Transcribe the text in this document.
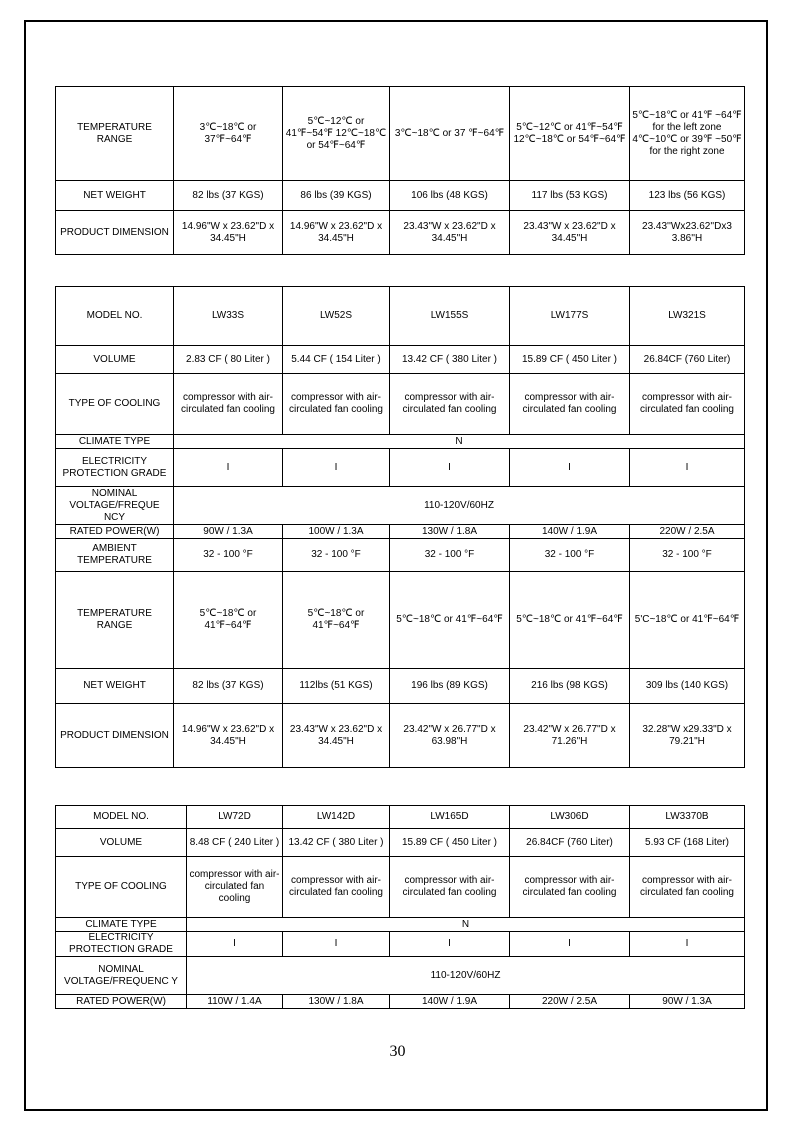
TEMPERATURE RANGE	3℃~18℃ or 37℉~64℉	5℃~12℃ or 41℉~54℉ 12℃~18℃ or 54℉~64℉	3℃~18℃ or 37 ℉~64℉	5℃~12℃ or 41℉~54℉ 12℃~18℃ or 54℉~64℉	5℃~18℃ or 41℉ ~64℉ for the left zone 4℃~10℃ or 39℉ ~50℉ for the right zone
NET WEIGHT	82 lbs (37 KGS)	86 lbs (39 KGS)	106 lbs (48 KGS)	117 lbs (53 KGS)	123 lbs (56 KGS)
PRODUCT DIMENSION	14.96"W x 23.62"D x 34.45"H	14.96"W x 23.62"D x 34.45"H	23.43"W x 23.62"D x 34.45"H	23.43"W x 23.62"D x 34.45"H	23.43''Wx23.62''Dx3 3.86''H
MODEL NO.	LW33S	LW52S	LW155S	LW177S	LW321S
VOLUME	2.83 CF ( 80 Liter )	5.44 CF ( 154 Liter )	13.42 CF ( 380 Liter )	15.89 CF ( 450 Liter )	26.84CF (760 Liter)
TYPE OF COOLING	compressor with air-circulated fan cooling	compressor with air-circulated fan cooling	compressor with air-circulated fan cooling	compressor with air-circulated fan cooling	compressor with air-circulated fan cooling
CLIMATE TYPE	N				
ELECTRICITY PROTECTION GRADE	I	I	I	I	I
NOMINAL VOLTAGE/FREQUE NCY	110-120V/60HZ				
RATED POWER(W)	90W / 1.3A	100W / 1.3A	130W / 1.8A	140W / 1.9A	220W / 2.5A
AMBIENT TEMPERATURE	32 - 100 °F	32 - 100 °F	32 - 100 °F	32 - 100 °F	32 - 100 °F
TEMPERATURE RANGE	5℃~18℃ or 41℉~64℉	5℃~18℃ or 41℉~64℉	5℃~18℃ or 41℉~64℉	5℃~18℃ or 41℉~64℉	5'C~18℃ or 41℉~64℉
NET WEIGHT	82 lbs (37 KGS)	112lbs (51 KGS)	196 lbs (89 KGS)	216 lbs (98 KGS)	309 lbs (140 KGS)
PRODUCT DIMENSION	14.96"W x 23.62"D x 34.45"H	23.43"W x 23.62"D x 34.45"H	23.42"W x 26.77"D x 63.98"H	23.42"W x 26.77"D x 71.26"H	32.28"W x29.33"D x 79.21"H
MODEL NO.	LW72D	LW142D	LW165D	LW306D	LW3370B
VOLUME	8.48 CF ( 240 Liter )	13.42 CF ( 380 Liter )	15.89 CF ( 450 Liter )	26.84CF (760 Liter)	5.93 CF (168 Liter)
TYPE OF COOLING	compressor with air-circulated fan cooling	compressor with air-circulated fan cooling	compressor with air-circulated fan cooling	compressor with air-circulated fan cooling	compressor with air-circulated fan cooling
CLIMATE TYPE	N				
ELECTRICITY PROTECTION GRADE	I	I	I	I	I
NOMINAL VOLTAGE/FREQUENC Y	110-120V/60HZ				
RATED POWER(W)	110W / 1.4A	130W / 1.8A	140W / 1.9A	220W / 2.5A	90W / 1.3A
30
